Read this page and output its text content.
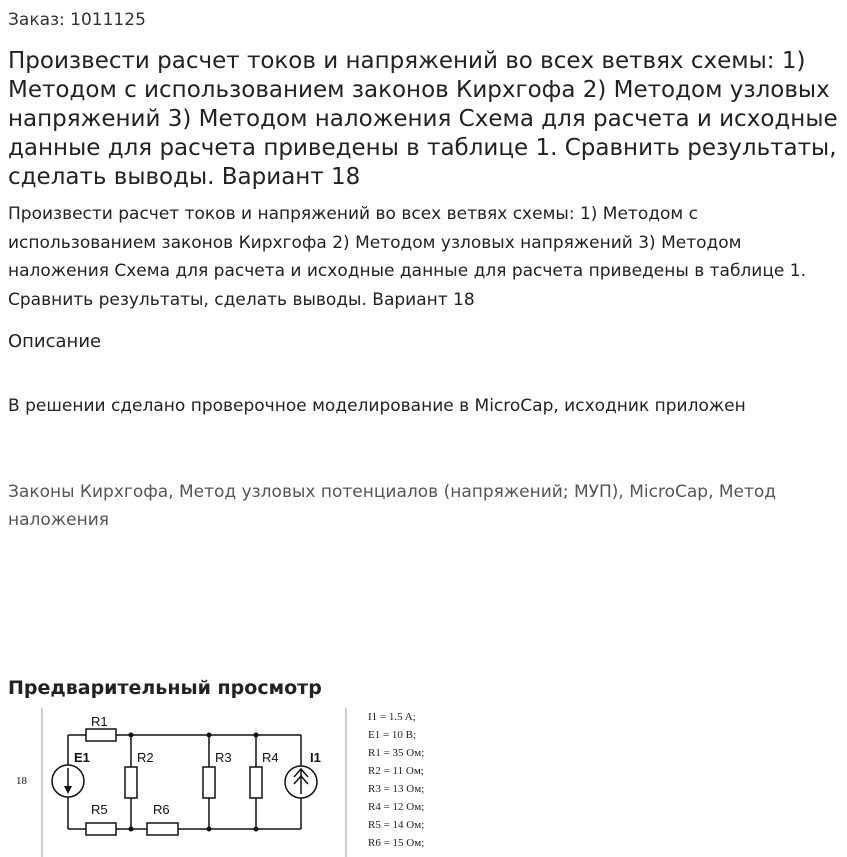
Заказ: 1011125
Произвести расчет токов и напряжений во всех ветвях схемы: 1) Методом с использованием законов Кирхгофа 2) Методом узловых напряжений 3) Методом наложения Схема для расчета и исходные данные для расчета приведены в таблице 1. Сравнить результаты, сделать выводы. Вариант 18

Произвести расчет токов и напряжений во всех ветвях схемы: 1) Методом с использованием законов Кирхгофа 2) Методом узловых напряжений 3) Методом наложения Схема для расчета и исходные данные для расчета приведены в таблице 1. Сравнить результаты, сделать выводы. Вариант 18

Описание
В решении сделано проверочное моделирование в MicroCap, исходник приложен
Законы Кирхгофа, Метод узловых потенциалов (напряжений; МУП), MicroCap, Метод наложения
Предварительный просмотр
18
R1
R2	R3 R4
R5	R6
E1	I1
I1 = 1.5 A;
E1 = 10 В;
R1 = 35 Ом;
R2 = 11 Ом;
R3 = 13 Ом;
R4 = 12 Ом;
R5 = 14 Ом;
R6 = 15 Ом;
